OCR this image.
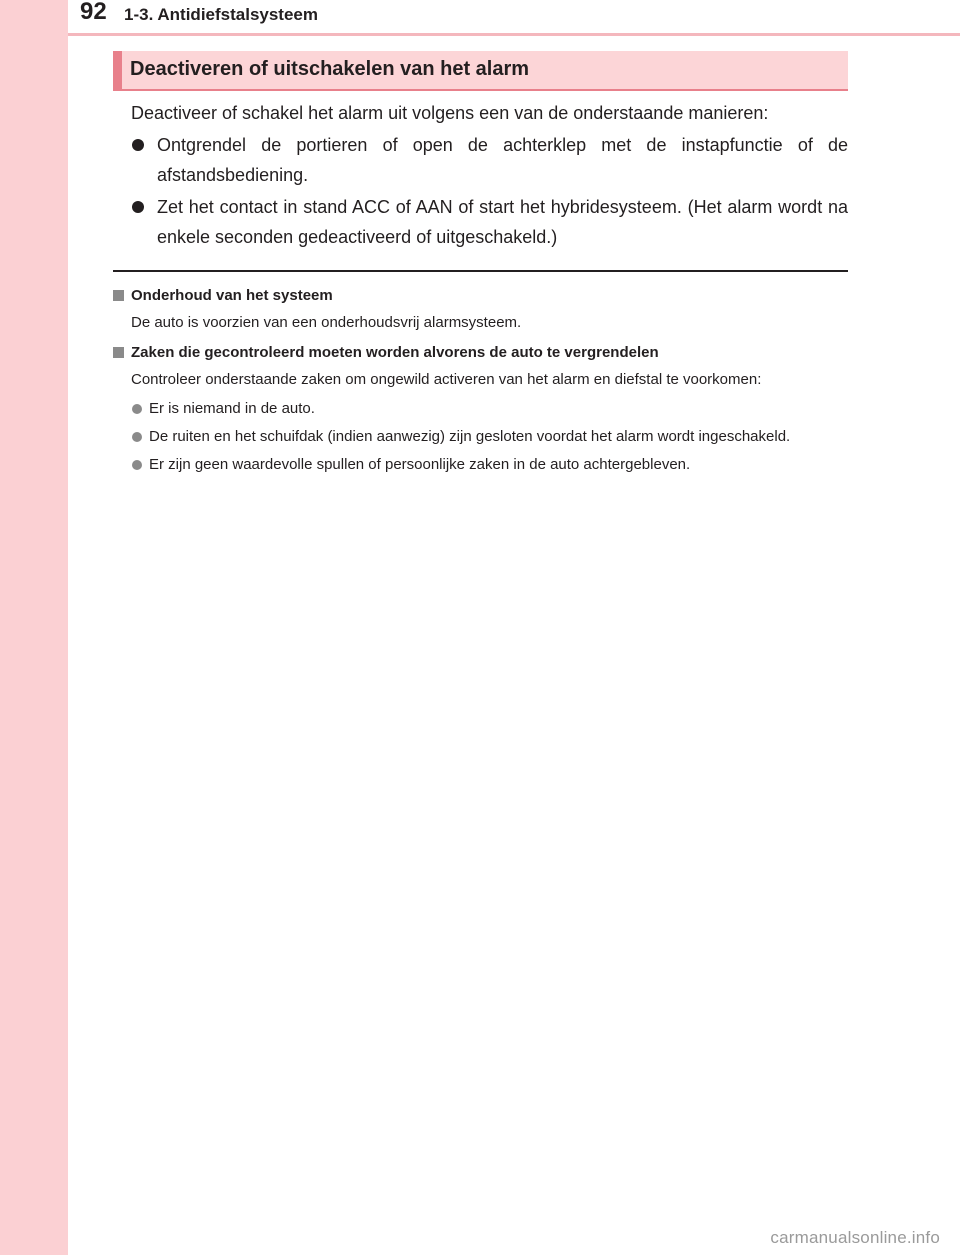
92 1-3. Antidiefstalsysteem
Deactiveren of uitschakelen van het alarm
Deactiveer of schakel het alarm uit volgens een van de onderstaande manieren:
Ontgrendel de portieren of open de achterklep met de instapfunctie of de afstandsbediening.
Zet het contact in stand ACC of AAN of start het hybridesysteem. (Het alarm wordt na enkele seconden gedeactiveerd of uitgeschakeld.)
Onderhoud van het systeem
De auto is voorzien van een onderhoudsvrij alarmsysteem.
Zaken die gecontroleerd moeten worden alvorens de auto te vergrendelen
Controleer onderstaande zaken om ongewild activeren van het alarm en diefstal te voorkomen:
Er is niemand in de auto.
De ruiten en het schuifdak (indien aanwezig) zijn gesloten voordat het alarm wordt ingeschakeld.
Er zijn geen waardevolle spullen of persoonlijke zaken in de auto achtergebleven.
carmanualsonline.info
